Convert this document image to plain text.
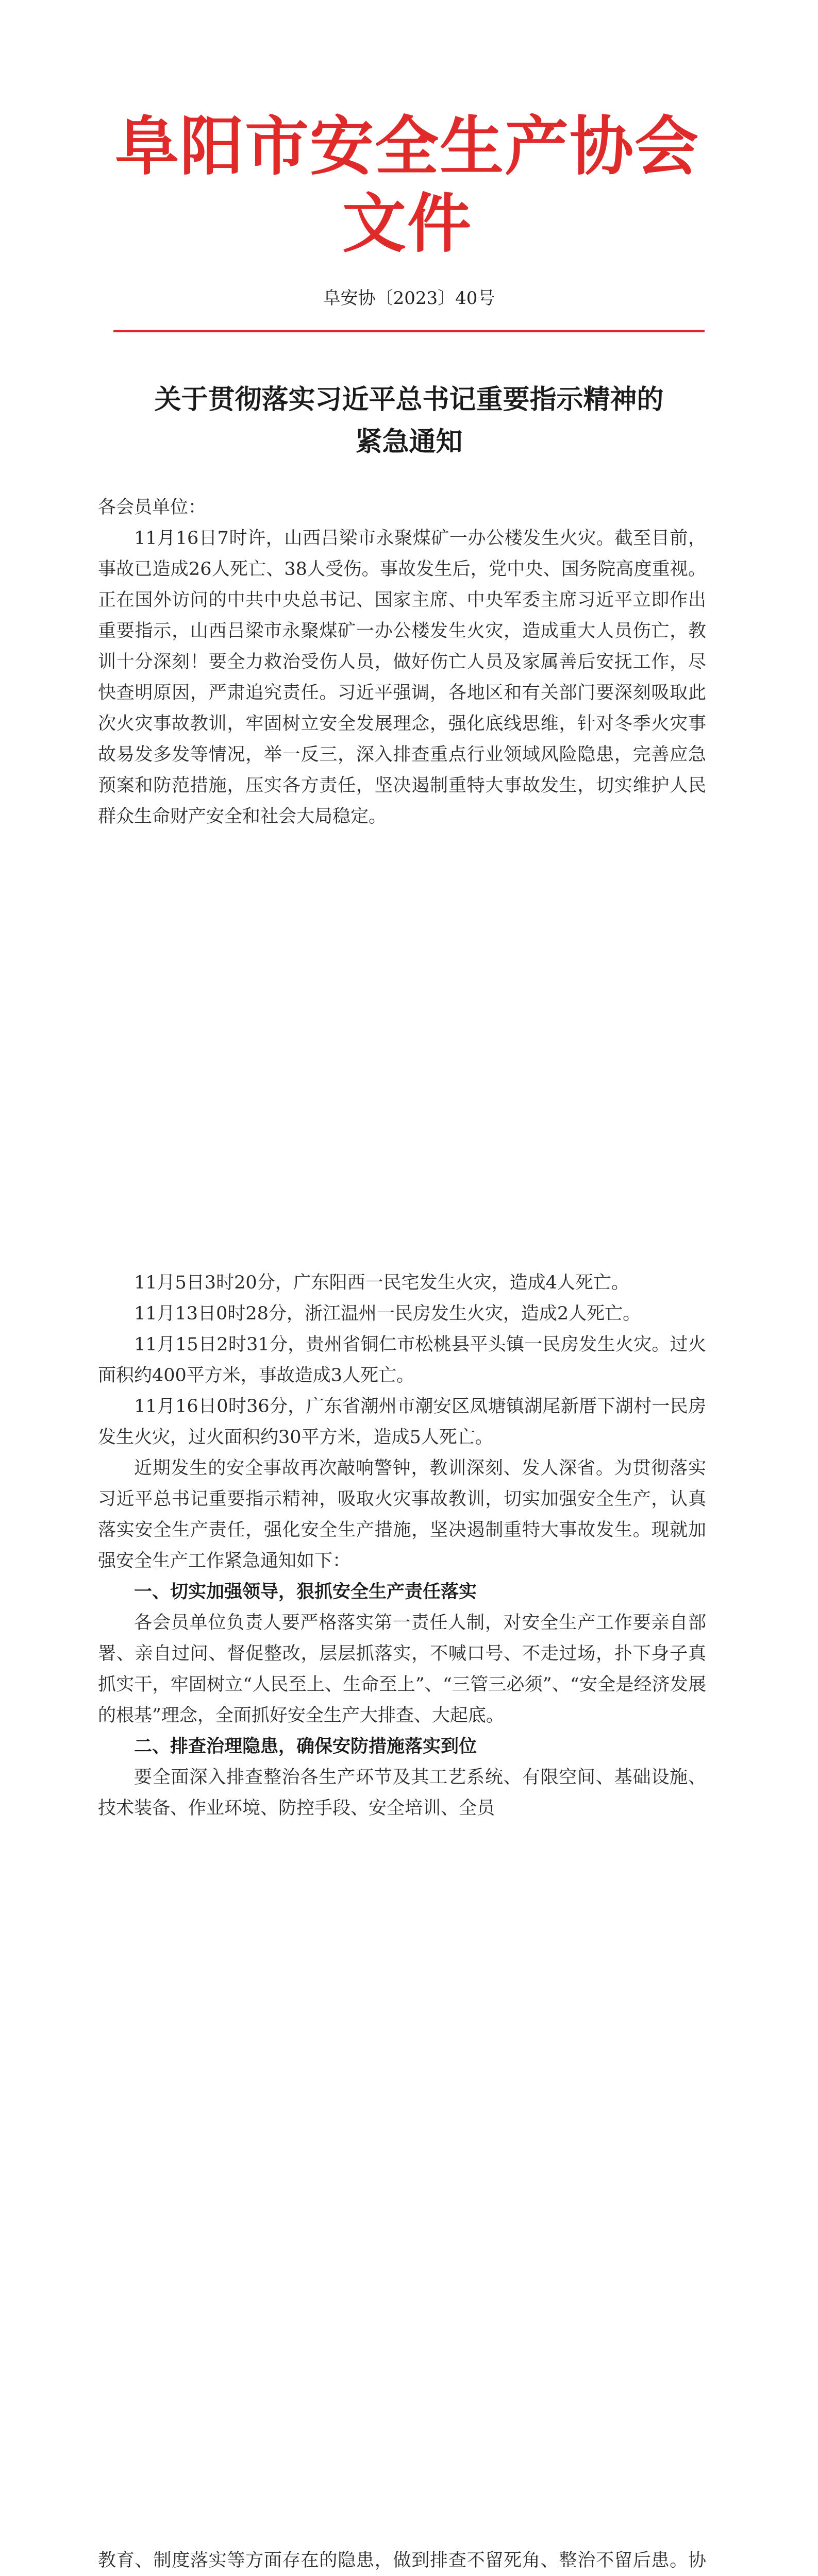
阜阳市安全生产协会文件
阜安协〔2023〕40号
关于贯彻落实习近平总书记重要指示精神的
紧急通知

各会员单位：

11月16日7时许，山西吕梁市永聚煤矿一办公楼发生火灾。截至目前，事故已造成26人死亡、38人受伤。事故发生后，党中央、国务院高度重视。正在国外访问的中共中央总书记、国家主席、中央军委主席习近平立即作出重要指示，山西吕梁市永聚煤矿一办公楼发生火灾，造成重大人员伤亡，教训十分深刻！要全力救治受伤人员，做好伤亡人员及家属善后安抚工作，尽快查明原因，严肃追究责任。习近平强调，各地区和有关部门要深刻吸取此次火灾事故教训，牢固树立安全发展理念，强化底线思维，针对冬季火灾事故易发多发等情况，举一反三，深入排查重点行业领域风险隐患，完善应急预案和防范措施，压实各方责任，坚决遏制重特大事故发生，切实维护人民群众生命财产安全和社会大局稳定。

11月5日3时20分，广东阳西一民宅发生火灾，造成4人死亡。

11月13日0时28分，浙江温州一民房发生火灾，造成2人死亡。

11月15日2时31分，贵州省铜仁市松桃县平头镇一民房发生火灾。过火面积约400平方米，事故造成3人死亡。

11月16日0时36分，广东省潮州市潮安区凤塘镇湖尾新厝下湖村一民房发生火灾，过火面积约30平方米，造成5人死亡。

近期发生的安全事故再次敲响警钟，教训深刻、发人深省。为贯彻落实习近平总书记重要指示精神，吸取火灾事故教训，切实加强安全生产，认真落实安全生产责任，强化安全生产措施，坚决遏制重特大事故发生。现就加强安全生产工作紧急通知如下：

一、切实加强领导，狠抓安全生产责任落实

各会员单位负责人要严格落实第一责任人制，对安全生产工作要亲自部署、亲自过问、督促整改，层层抓落实，不喊口号、不走过场，扑下身子真抓实干，牢固树立“人民至上、生命至上”、“三管三必须”、“安全是经济发展的根基”理念，全面抓好安全生产大排查、大起底。

二、排查治理隐患，确保安防措施落实到位

要全面深入排查整治各生产环节及其工艺系统、有限空间、基础设施、技术装备、作业环境、防控手段、安全培训、全员

教育、制度落实等方面存在的隐患，做到排查不留死角、整治不留后患。协
